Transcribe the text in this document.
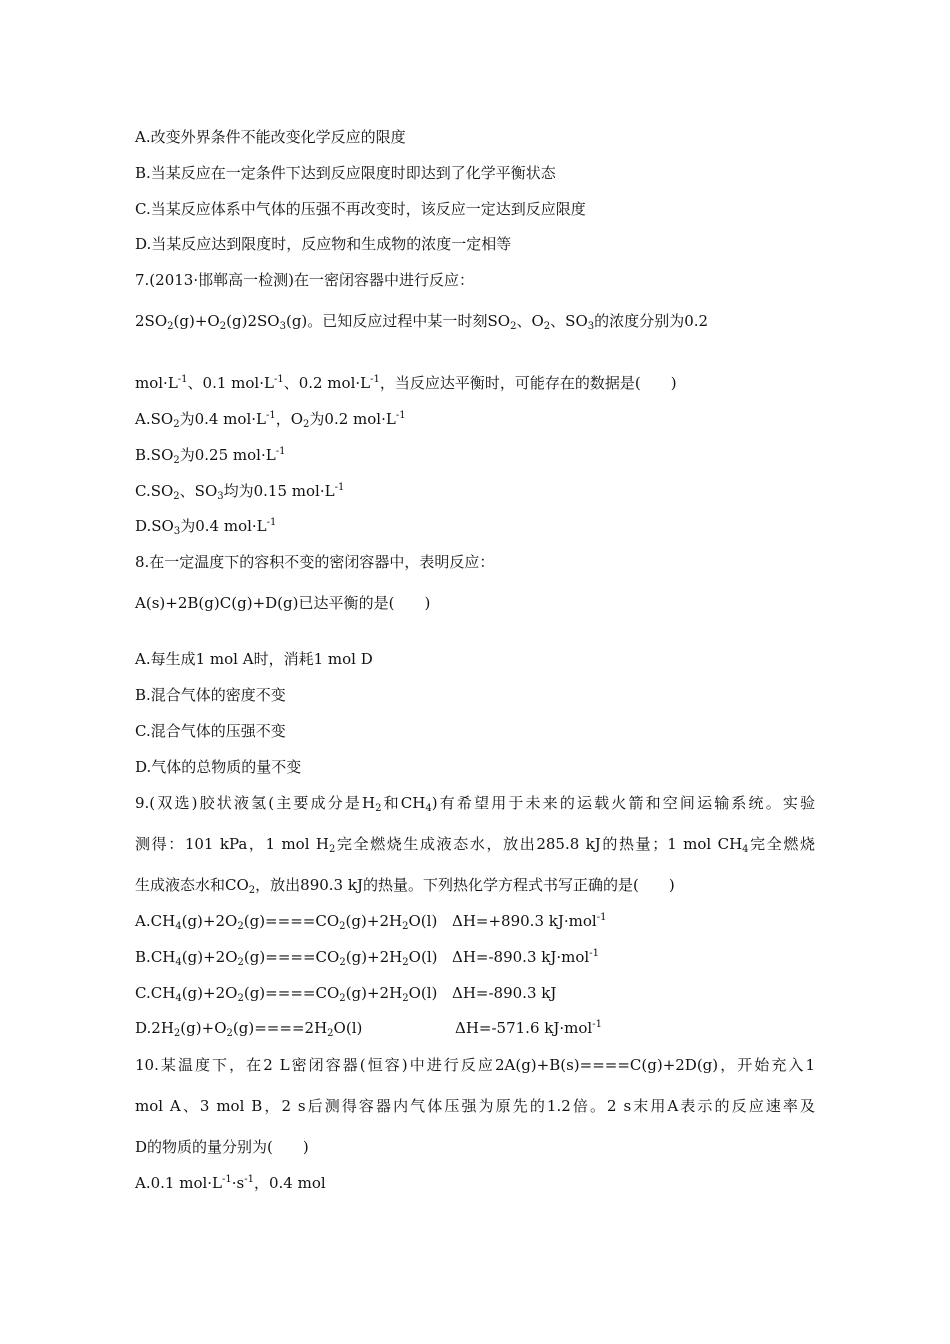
A.改变外界条件不能改变化学反应的限度
B.当某反应在一定条件下达到反应限度时即达到了化学平衡状态
C.当某反应体系中气体的压强不再改变时，该反应一定达到反应限度
D.当某反应达到限度时，反应物和生成物的浓度一定相等
7.(2013·邯郸高一检测)在一密闭容器中进行反应：
$2SO_2(g)+O_2(g)2SO_3(g)$。已知反应过程中某一时刻$SO_2$、$O_2$、$SO_3$的浓度分别为0.2
$mol\cdot L^{-1}$、0.1 $mol\cdot L^{-1}$、0.2 $mol\cdot L^{-1}$，当反应达平衡时，可能存在的数据是(　　)
$A.SO_2$为0.4 $mol\cdot L^{-1}$，$O_2$为0.2 $mol\cdot L^{-1}$
$B.SO_2$为0.25 $mol\cdot L^{-1}$
$C.SO_2$、$SO_3$均为0.15 $mol\cdot L^{-1}$
$D.SO_3$为0.4 $mol\cdot L^{-1}$
8.在一定温度下的容积不变的密闭容器中，表明反应：
A(s)+2B(g)C(g)+D(g)已达平衡的是(　　 )
A.每生成1 mol A时，消耗1 mol D
B.混合气体的密度不变
C.混合气体的压强不变
D.气体的总物质的量不变
9.(双选)胶状液氢(主要成分是$H_2$和$CH_4$)有希望用于未来的运载火箭和空间运输系统。实验
测得：101 kPa，1 mol $H_2$完全燃烧生成液态水，放出285.8 kJ的热量；1 mol $CH_4$完全燃烧
生成液态水和$CO_2$，放出890.3 kJ的热量。下列热化学方程式书写正确的是(　　)
$A.CH_4(g)+2O_2(g)====CO_2(g)+2H_2O(l)$ ΔH=+890.3 kJ·mol$^{-1}$
$B.CH_4(g)+2O_2(g)====CO_2(g)+2H_2O(l)$ ΔH=-890.3 kJ·mol$^{-1}$
$C.CH_4(g)+2O_2(g)====CO_2(g)+2H_2O(l)$ ΔH=-890.3 kJ
$D.2H_2(g)+O_2(g)====2H_2O(l)$	ΔH=-571.6 kJ·mol$^{-1}$
10.某温度下，在2 L密闭容器(恒容)中进行反应2A(g)+B(s)====C(g)+2D(g)，开始充入1
mol A、3 mol B，2 s后测得容器内气体压强为原先的1.2倍。2 s末用A表示的反应速率及
D的物质的量分别为(　　)
A.0.1 $mol\cdot L^{-1}\cdot s^{-1}$，0.4 mol
